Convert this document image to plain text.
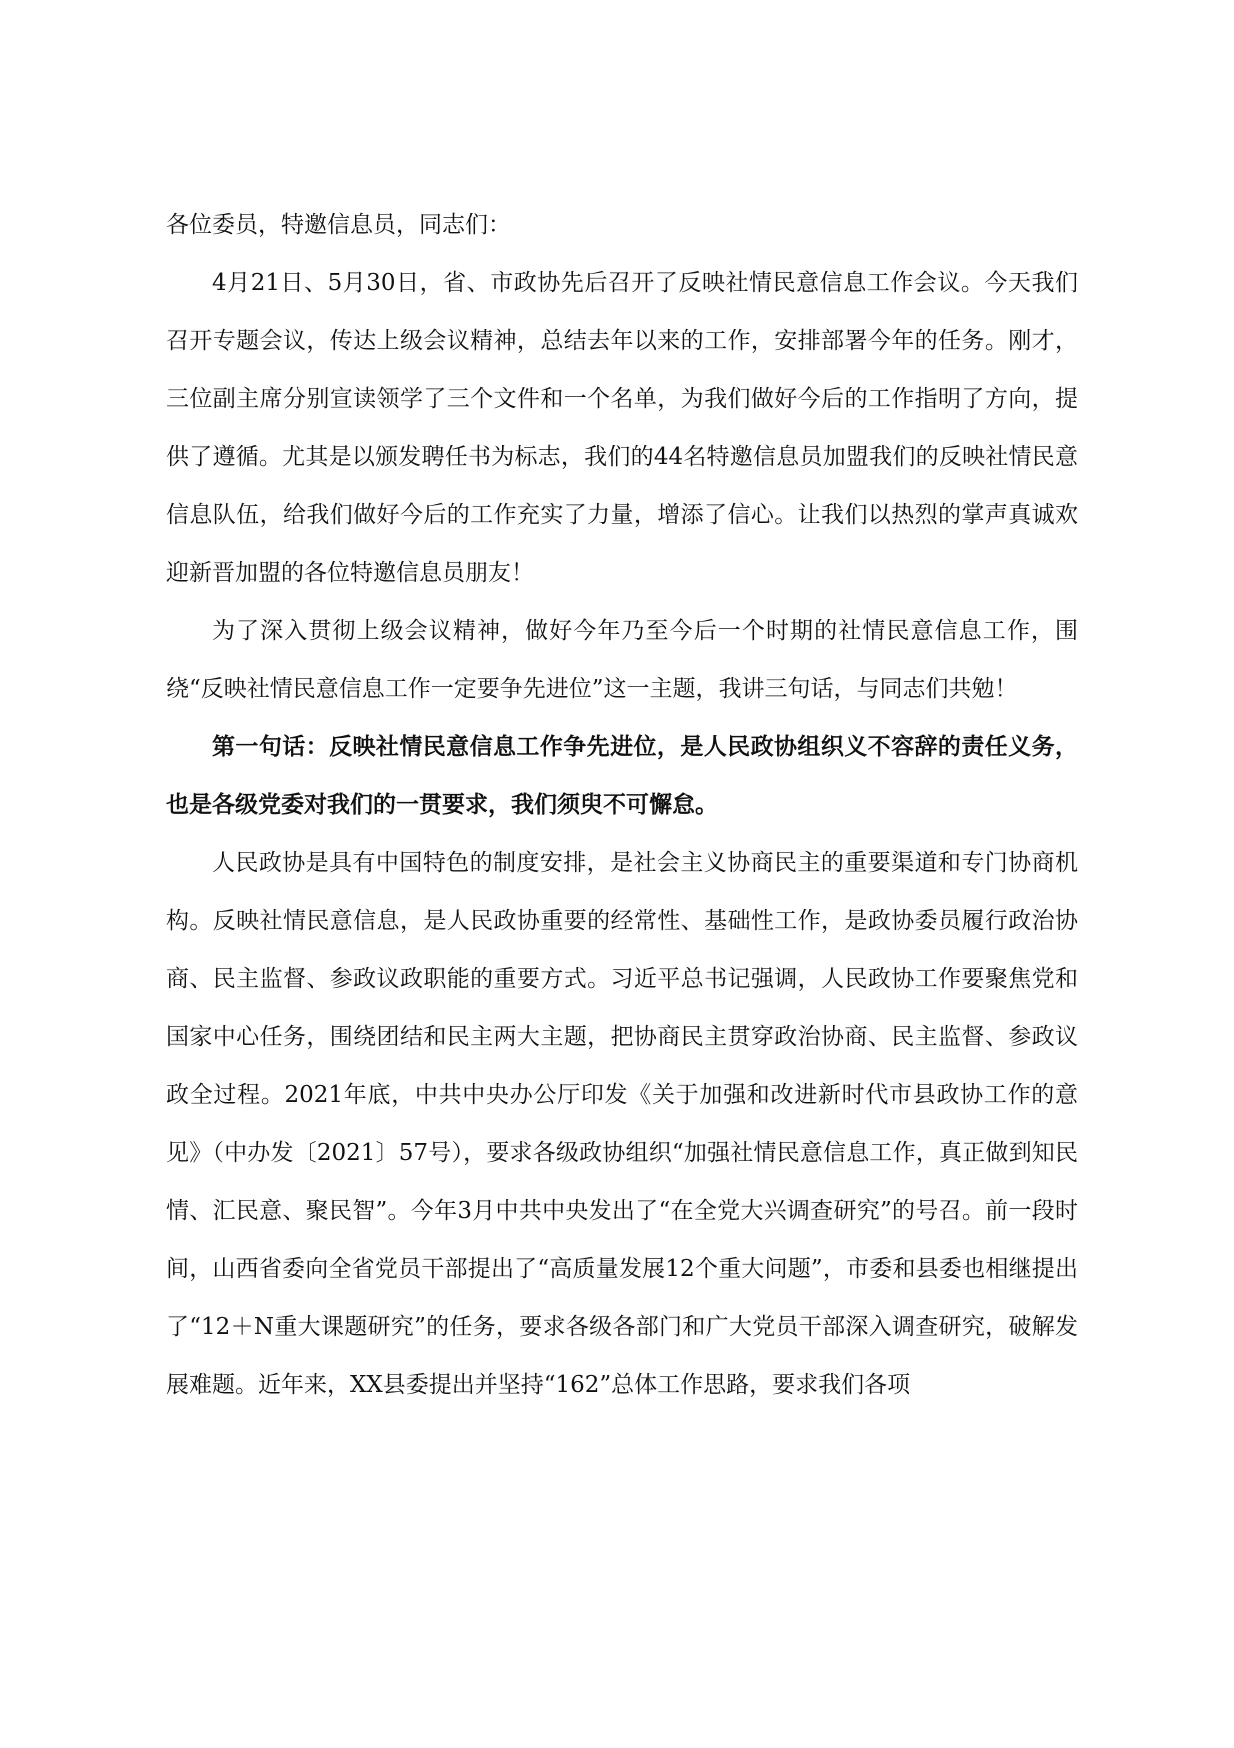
各位委员，特邀信息员，同志们：

4月21日、5月30日，省、市政协先后召开了反映社情民意信息工作会议。今天我们召开专题会议，传达上级会议精神，总结去年以来的工作，安排部署今年的任务。刚才，三位副主席分别宣读领学了三个文件和一个名单，为我们做好今后的工作指明了方向，提供了遵循。尤其是以颁发聘任书为标志，我们的44名特邀信息员加盟我们的反映社情民意信息队伍，给我们做好今后的工作充实了力量，增添了信心。让我们以热烈的掌声真诚欢迎新晋加盟的各位特邀信息员朋友！

为了深入贯彻上级会议精神，做好今年乃至今后一个时期的社情民意信息工作，围绕“反映社情民意信息工作一定要争先进位”这一主题，我讲三句话，与同志们共勉！

第一句话：反映社情民意信息工作争先进位，是人民政协组织义不容辞的责任义务，也是各级党委对我们的一贯要求，我们须臾不可懈怠。

人民政协是具有中国特色的制度安排，是社会主义协商民主的重要渠道和专门协商机构。反映社情民意信息，是人民政协重要的经常性、基础性工作，是政协委员履行政治协商、民主监督、参政议政职能的重要方式。习近平总书记强调，人民政协工作要聚焦党和国家中心任务，围绕团结和民主两大主题，把协商民主贯穿政治协商、民主监督、参政议政全过程。2021年底，中共中央办公厅印发《关于加强和改进新时代市县政协工作的意见》（中办发〔2021〕57号），要求各级政协组织“加强社情民意信息工作，真正做到知民情、汇民意、聚民智”。今年3月中共中央发出了“在全党大兴调查研究”的号召。前一段时间，山西省委向全省党员干部提出了“高质量发展12个重大问题”，市委和县委也相继提出了“12＋N重大课题研究”的任务，要求各级各部门和广大党员干部深入调查研究，破解发展难题。近年来，XX县委提出并坚持“162”总体工作思路，要求我们各项
